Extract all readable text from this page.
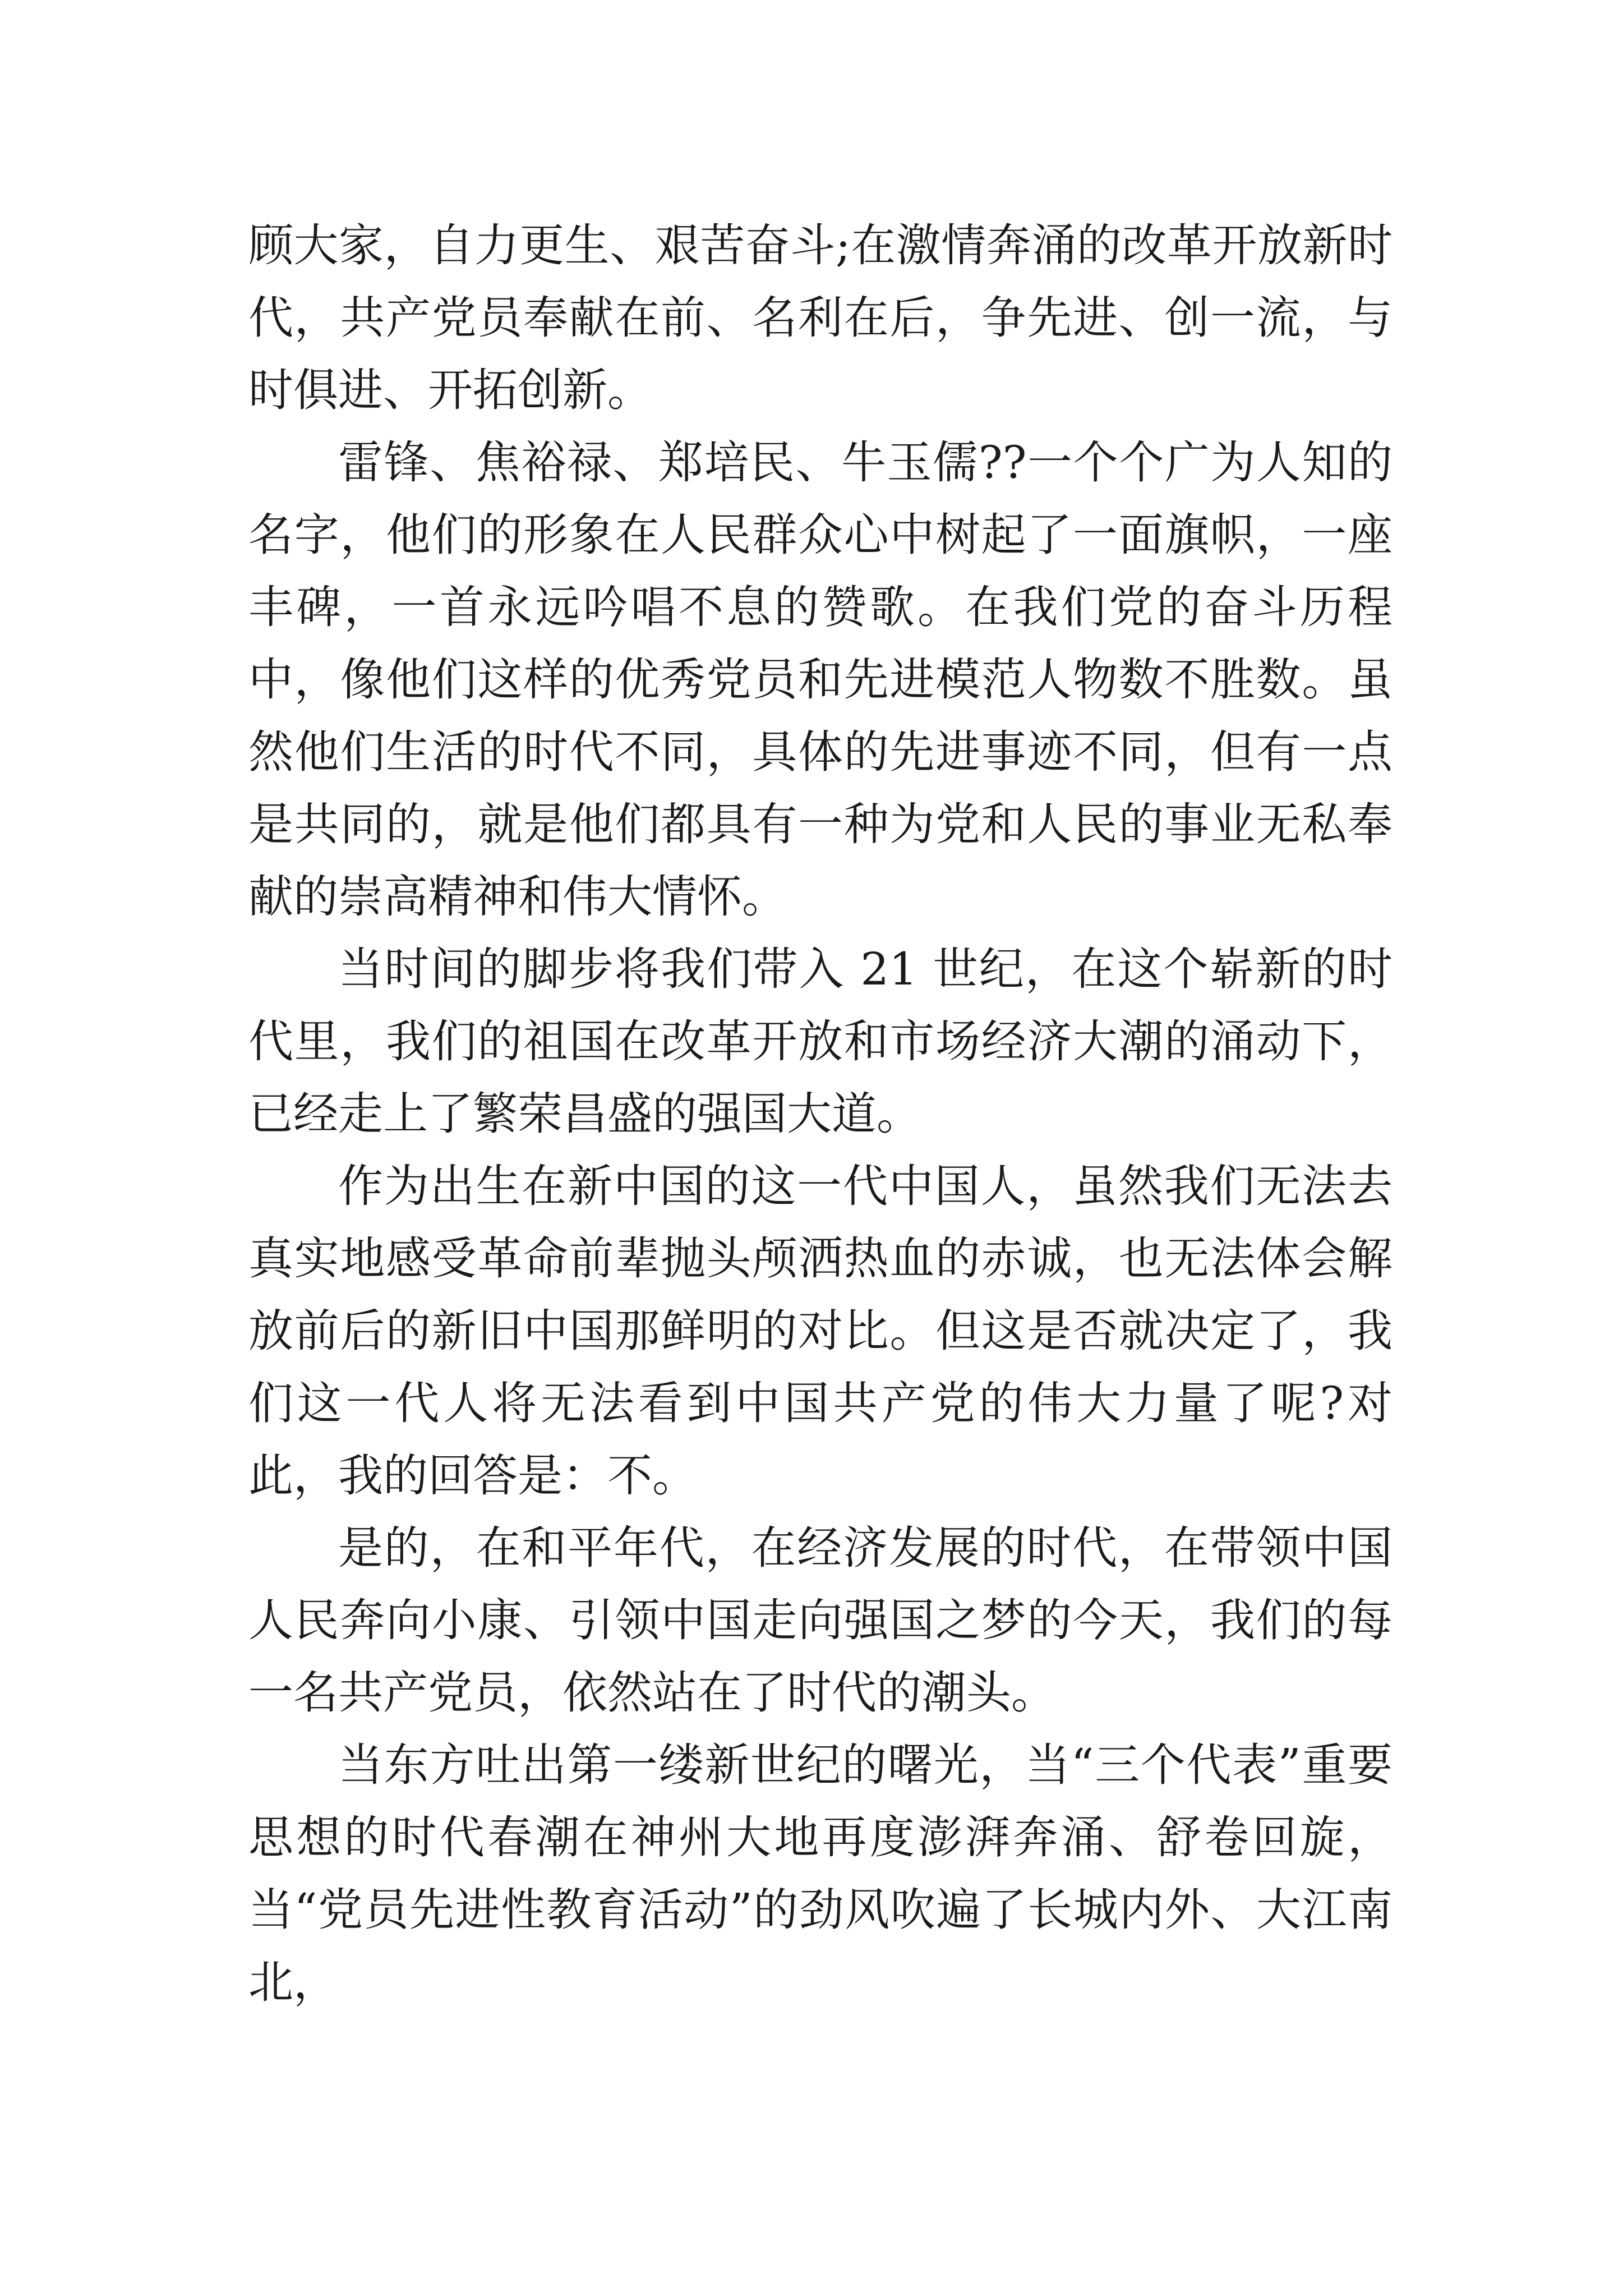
顾大家，自力更生、艰苦奋斗;在激情奔涌的改革开放新时代，共产党员奉献在前、名利在后，争先进、创一流，与时俱进、开拓创新。

雷锋、焦裕禄、郑培民、牛玉儒??一个个广为人知的名字，他们的形象在人民群众心中树起了一面旗帜，一座丰碑，一首永远吟唱不息的赞歌。在我们党的奋斗历程中，像他们这样的优秀党员和先进模范人物数不胜数。虽然他们生活的时代不同，具体的先进事迹不同，但有一点是共同的，就是他们都具有一种为党和人民的事业无私奉献的崇高精神和伟大情怀。

当时间的脚步将我们带入 21 世纪，在这个崭新的时代里，我们的祖国在改革开放和市场经济大潮的涌动下，已经走上了繁荣昌盛的强国大道。

作为出生在新中国的这一代中国人，虽然我们无法去真实地感受革命前辈抛头颅洒热血的赤诚，也无法体会解放前后的新旧中国那鲜明的对比。但这是否就决定了，我们这一代人将无法看到中国共产党的伟大力量了呢?对此，我的回答是：不。

是的，在和平年代，在经济发展的时代，在带领中国人民奔向小康、引领中国走向强国之梦的今天，我们的每一名共产党员，依然站在了时代的潮头。

当东方吐出第一缕新世纪的曙光，当“三个代表”重要思想的时代春潮在神州大地再度澎湃奔涌、舒卷回旋，当“党员先进性教育活动”的劲风吹遍了长城内外、大江南北，
